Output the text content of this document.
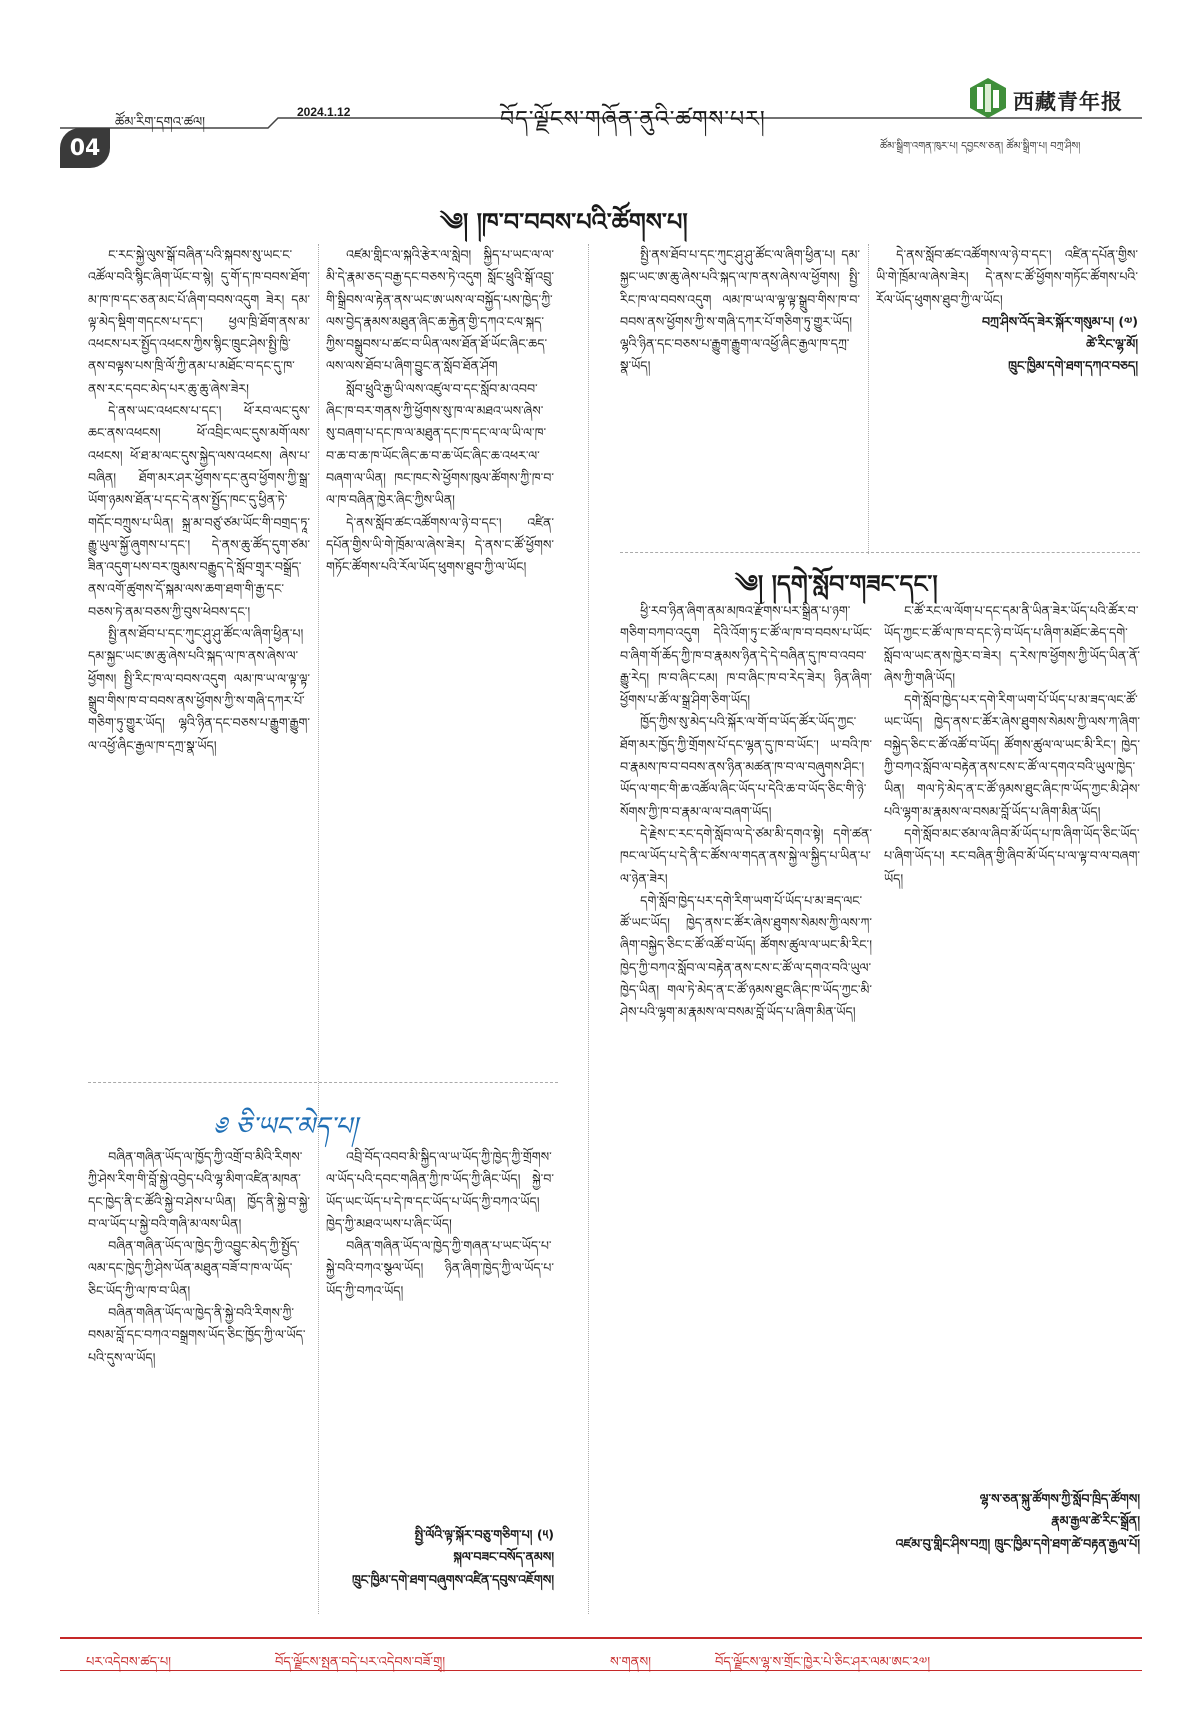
04
ཚོམ་རིག་དགའ་ཚལ།
2024.1.12	བོད་ལྗོངས་གཞོན་ནུའི་ཚགས་པར།
西藏青年报
ཚོམ་སྒྲིག་འགན་ཁུར་པ། དབྱངས་ཅན། ཚོམ་སྒྲིག་པ། བཀྲ་ཤིས།
༄། །ཁ་བ་བབས་པའི་ཚོགས་པ།

ང་རང་སྐྱེ་ལུས་སྒོ་བཞིན་པའི་སྐབས་སུ་ཡང་ང་འཚོལ་བའི་སྙིང་ཞིག་ཡོང་བ་སྙེ། དུ་གོ་ད་ཁ་བབས་ཐོག་མ་ཁ་ཁ་དང་ཅན་མང་པོ་ཞིག་བབས་འདུག ཟེར། དམ་ལྟ་མེད་སྡིག་གདངས་པ་དང་། ཕྱལ་ཁྲི་ཐོག་ནས་མ་འཕངས་པར་སྤྱོད་འཕངས་ཀྱིས་སྙིང་ཁྲུང་ཤེས་སྤྱི་ཁྱི་ནས་བལྟས་པས་ཁྲི་ལོ་ཀྱི་ནམ་པ་མཐོང་བ་དང་དུ་ཁ་ནས་རང་དབང་མེད་པར་ཆུ་ཆུ་ཞེས་ཟེར།

དེ་ནས་ཡང་འཕངས་པ་དང་། ཕོ་རབ་ལང་དུས་ཆང་ནས་འཕངས། ཕོ་འབྲིང་ལང་དུས་མགོ་ལས་འཕངས། ཕོ་ཐ་མ་ལང་དུས་སྐྱེད་ལས་འཕངས། ཞེས་པ་བཞིན། ཐོག་མར་ཤར་ཕྱོགས་དང་ནུབ་ཕྱོགས་ཀྱི་སྒྲ་ཡོག་ཉམས་ཐོན་པ་དང་དེ་ནས་སྤྱོད་ཁང་དུ་ཕྱིན་ཏེ་གདོང་བཀྲུས་པ་ཡིན། སྐྲ་མ་བཙུ་ཙམ་ཡོང་གི་བགྲད་ཏཱ་རྒྱུ་ཡུལ་སྐྱོ་ཞུགས་པ་དང་། དེ་ནས་ཆུ་ཚོད་དུག་ཙམ་ཟིན་འདུག་པས་བར་ཁྲུམས་བརྒྱུད་དེ་སློབ་གྲྭར་བསྒྲོད་ནས་འགོ་ཚུགས་དོ་སྐམ་ལས་ཆག་ཐག་གི་རྒྱ་དང་བཅས་ཏེ་ནམ་བཅས་ཀྱི་བུས་ཕེབས་དང་།

སྤྱི་ནས་ཐོབ་པ་དང་ཀུང་ཤུ་ཤུ་ཚོང་ལ་ཞིག་ཕྱིན་པ། དམ་སྐྱང་ཡང་ཨ་ཆུ་ཞེས་པའི་སྐད་ལ་ཁ་ནས་ཞེས་ལ་ཕྱོགས། སྤྱི་རིང་ཁ་ལ་བབས་འདུག ལམ་ཁ་ཡ་ལ་ལྟ་ལྟ་སྒྲུབ་གིས་ཁ་བ་བབས་ནས་ཕྱོགས་ཀྱི་ས་གཞི་དཀར་པོ་གཅིག་ཏུ་གྱུར་ཡོད། ལྷའི་ཉིན་དང་བཅས་པ་རྒྱུག་རྒྱུག་ལ་འཕྱོ་ཞིང་རྒྱལ་ཁ་དཀྲ་སྣ་ཡོད།

འཛམ་གླིང་ལ་སྐའི་རྩེར་ལ་སླེབ། སྐྱིད་པ་ཡང་ལ་ལ་མི་དེ་རྣམ་ཅད་བརྒྱ་དང་བཅས་ཏེ་འདུག སློང་ཕྲུའི་སྒོ་འབྲུ་གི་སྒྲིབས་ལ་རྟེན་ནས་ཡང་ཨ་ཡས་ལ་བསྐྱོད་པས་ཁྱེད་ཀྱི་ལས་བྱེད་རྣམས་མཐུན་ཞིང་ཆ་རྐྱེན་གྱི་དཀའ་ངལ་སྐད་ཀྱིས་བསྒྲུབས་པ་ཚང་བ་ཡིན་ལས་ཐོན་ཐོ་ཡོང་ཞིང་ཆད་ལས་ལས་ཐོབ་པ་ཞིག་བྱུང་ན་སློབ་ཐོན་ཤོག

སློབ་ཕྲུའི་རྒྱ་ཡི་ལས་འཛུལ་བ་དང་སློབ་མ་འབབ་ཞིང་ཁ་བར་གནས་ཀྱི་ཕྱོགས་སུ་ཁ་ལ་མཐའ་ཡས་ཞེས་སུ་བཞག་པ་དང་ཁ་ལ་མཐུན་དང་ཁ་དང་ལ་ལ་ཡི་ལ་ཁ་བ་ཆ་བ་ཆ་ཁ་ཡོང་ཞིང་ཆ་བ་ཆ་ཡོང་ཞིང་ཆ་འཕར་ལ་བཞག་ལ་ཡིན། ཁང་ཁང་སེ་ཕྱོགས་ཁུལ་ཚོགས་ཀྱི་ཁ་བ་ལ་ཁ་བཞིན་ཁྱེར་ཞིང་ཀྱིས་ཡིན།

དེ་ནས་སློབ་ཚང་འཚོགས་ལ་ཉེ་བ་དང་། འཛིན་དཔོན་གྱིས་ཡི་གེ་ཁྲོམ་ལ་ཞེས་ཟེར། དེ་ནས་ང་ཚོ་ཕྱོགས་གཏོང་ཚོགས་པའི་རོལ་ཡོད་ཕུགས་ཐུབ་ཀྱི་ལ་ཡོང།

དེ་ནས་སློབ་ཚང་འཚོགས་ལ་ཉེ་བ་དང་། འཛིན་དཔོན་གྱིས་ཡི་གེ་ཁྲོམ་ལ་ཞེས་ཟེར། དེ་ནས་ང་ཚོ་ཕྱོགས་གཏོང་ཚོགས་པའི་རོལ་ཡོད་ཕུགས་ཐུབ་ཀྱི་ལ་ཡོང།

བཀྲ་ཤིས་འོད་ཟེར་སྐོར་གསུམ་པ། (༧)

ཚེ་རིང་ལྷ་མོ།

ཁྲུང་ཁྱིམ་དགེ་ཐག་དཀའ་བཅད།

སྤྱི་ནས་ཐོབ་པ་དང་ཀུང་ཤུ་ཤུ་ཚོང་ལ་ཞིག་ཕྱིན་པ། དམ་སྐྱང་ཡང་ཨ་ཆུ་ཞེས་པའི་སྐད་ལ་ཁ་ནས་ཞེས་ལ་ཕྱོགས། སྤྱི་རིང་ཁ་ལ་བབས་འདུག ལམ་ཁ་ཡ་ལ་ལྟ་ལྟ་སྒྲུབ་གིས་ཁ་བ་བབས་ནས་ཕྱོགས་ཀྱི་ས་གཞི་དཀར་པོ་གཅིག་ཏུ་གྱུར་ཡོད། ལྷའི་ཉིན་དང་བཅས་པ་རྒྱུག་རྒྱུག་ལ་འཕྱོ་ཞིང་རྒྱལ་ཁ་དཀྲ་སྣ་ཡོད།

༄། །དགེ་སློབ་གཟང་དང་།

ཕྱི་རབ་ཉིན་ཞིག་ནམ་མཁའ་རྫོགས་པར་སྒྲིན་པ་ཉག་གཅིག་བཀབ་འདུག དེའི་འོག་ཏུ་ང་ཚོ་ལ་ཁ་བ་བབས་པ་ཡོང་བ་ཞིག་གོ་ཆོད་ཀྱི་ཁ་བ་རྣམས་ཉིན་དེ་དེ་བཞིན་དུ་ཁ་བ་འབབ་རྒྱུ་རེད། ཁ་བ་ཞིང་ངམ། ཁ་བ་ཞིང་ཁ་བ་རེད་ཟེར། ཉིན་ཞིག་ཕྱོགས་པ་ཚོ་ལ་སྒྲ་ཤིག་ཅིག་ཡོད།

ཁྱོད་ཀྱིས་སུ་མེད་པའི་སྐོར་ལ་གོ་བ་ཡོད་ཚོར་ཡོད་ཀྱང་ཐོག་མར་ཁྱོད་ཀྱི་གྲོགས་པོ་དང་ལྷན་དུ་ཁ་བ་ཡོང་། ཡ་བའི་ཁ་བ་རྣམས་ཁ་བ་བབས་ནས་ཉིན་མཚན་ཁ་བ་ལ་བཞུགས་ཤིང་། ཡོད་ལ་གང་གི་ཆ་འཚོལ་ཞིང་ཡོད་པ་དེའི་ཆ་བ་ཡོད་ཅིང་གི་ཉེ་སོགས་ཀྱི་ཁ་བ་རྣམ་ལ་ལ་བཞག་ཡོད།

དེ་རྗེས་ང་རང་དགེ་སློབ་ལ་དེ་ཙམ་མི་དགའ་སྟེ། དགེ་ཚན་ཁང་ལ་ཡོད་པ་དེ་ནི་ང་ཚོས་ལ་གདན་ནས་སྐྱེ་ལ་སྐྱིད་པ་ཡིན་པ་ལ་ཉེན་ཟེར།

དགེ་སློབ་ཁྱེད་པར་དགེ་རིག་ཡག་པོ་ཡོད་པ་མ་ཟད་ལང་ཚོ་ཡང་ཡོད། ཁྱེད་ནས་ང་ཚོར་ཞེས་ཐུགས་སེམས་ཀྱི་ལས་ཀ་ཞིག་བསྐྱེད་ཅིང་ང་ཚོ་འཚོ་བ་ཡོད། ཚོགས་ཚུལ་ལ་ཡང་མི་རིང་། ཁྱེད་ཀྱི་བཀའ་སློབ་ལ་བརྟེན་ནས་ངས་ང་ཚོ་ལ་དགའ་བའི་ཡུལ་ཁྱེད་ཡིན། གལ་ཏེ་མེད་ན་ང་ཚོ་ཉམས་ཐུང་ཞིང་ཁ་ཡོད་ཀྱང་མི་ཤེས་པའི་ལྷག་མ་རྣམས་ལ་བསམ་བློ་ཡོད་པ་ཞིག་མིན་ཡོད།

ང་ཚོ་རང་ལ་ལོག་པ་དང་དམ་ནི་ཡིན་ཟེར་ཡོད་པའི་ཚོར་བ་ཡོད་ཀྱང་ང་ཚོ་ལ་ཁ་བ་དང་ཉེ་བ་ཡོད་པ་ཞིག་མཐོང་ཆེད་དགེ་སློབ་ལ་ཡང་ནས་ཁྱེར་བ་ཟེར། ད་རེས་ཁ་ཕྱོགས་ཀྱི་ཡོད་ཡིན་ནོ་ཞེས་ཀྱི་གཞི་ཡོད།

དགེ་སློབ་ཁྱེད་པར་དགེ་རིག་ཡག་པོ་ཡོད་པ་མ་ཟད་ལང་ཚོ་ཡང་ཡོད། ཁྱེད་ནས་ང་ཚོར་ཞེས་ཐུགས་སེམས་ཀྱི་ལས་ཀ་ཞིག་བསྐྱེད་ཅིང་ང་ཚོ་འཚོ་བ་ཡོད། ཚོགས་ཚུལ་ལ་ཡང་མི་རིང་། ཁྱེད་ཀྱི་བཀའ་སློབ་ལ་བརྟེན་ནས་ངས་ང་ཚོ་ལ་དགའ་བའི་ཡུལ་ཁྱེད་ཡིན། གལ་ཏེ་མེད་ན་ང་ཚོ་ཉམས་ཐུང་ཞིང་ཁ་ཡོད་ཀྱང་མི་ཤེས་པའི་ལྷག་མ་རྣམས་ལ་བསམ་བློ་ཡོད་པ་ཞིག་མིན་ཡོད།

དགེ་སློབ་མང་ཙམ་ལ་ཞིབ་མོ་ཡོད་པ་ཁ་ཞིག་ཡོད་ཅིང་ཡོད་པ་ཞིག་ཡོད་པ། རང་བཞིན་གྱི་ཞིབ་མོ་ཡོད་པ་ལ་ལྟ་བ་ལ་བཞག་ཡོད།

ལྷ་ས་ཅན་སྐུ་ཚོགས་ཀྱི་སློབ་ཁྲིད་ཚོགས།

རྣམ་རྒྱལ་ཚེ་རིང་སྒྲོན།

འཛམ་བུ་གླིང་ཤིས་བཀྲ། ཁྲུང་ཁྱིམ་དགེ་ཐག་ཚེ་བརྟན་རྒྱལ་པོ།

༅ ཅི་ཡང་མེད་པ།

བཞིན་གཞིན་ཡོད་ལ་ཁྱོད་ཀྱི་འགྲོ་བ་མིའི་རིགས་ཀྱི་ཤེས་རིག་གི་བློ་སྐྱེ་འབྱེད་པའི་ལྷ་མིག་འཛིན་མཁན་དང་ཁྱེད་ནི་ང་ཚོའི་སྐྱེ་བ་ཤེས་པ་ཡིན། ཁྱོད་ནི་སྐྱེ་བ་སྐྱེ་བ་ལ་ཡོད་པ་སྐྱེ་བའི་གཞི་མ་ལས་ཡིན།

བཞིན་གཞིན་ཡོད་ལ་ཁྱེད་ཀྱི་འབྱུང་མེད་ཀྱི་སྤྱོད་ལམ་དང་ཁྱེད་ཀྱི་ཤེས་ཡོན་མཐུན་བཟོ་བ་ཁ་ལ་ཡོད་ཅིང་ཡོད་ཀྱི་ལ་ཁ་བ་ཡིན།

བཞིན་གཞིན་ཡོད་ལ་ཁྱེད་ནི་སྐྱེ་བའི་རིགས་ཀྱི་བསམ་བློ་དང་བཀའ་བསྒྲགས་ཡོད་ཅིང་ཁྱོད་ཀྱི་ལ་ཡོད་པའི་དུས་ལ་ཡོད།

འབྲི་བོད་འབབ་མི་སྐྱིད་ལ་ཡ་ཡོད་ཀྱི་ཁྱེད་ཀྱི་གྲོགས་ལ་ཡོད་པའི་དབང་གཞིན་ཀྱི་ཁ་ཡོད་ཀྱི་ཞིང་ཡོད། སྐྱེ་བ་ཡོད་ཡང་ཡོད་པ་དེ་ཁ་དང་ཡོད་པ་ཡོད་ཀྱི་བཀའ་ཡོད། ཁྱེད་ཀྱི་མཐའ་ཡས་པ་ཞིང་ཡོད།

བཞིན་གཞིན་ཡོད་ལ་ཁྱེད་ཀྱི་གཞན་པ་ཡང་ཡོད་པ་སྐྱེ་བའི་བཀའ་སྩལ་ཡོད། ཉིན་ཞིག་ཁྱེད་ཀྱི་ལ་ཡོད་པ་ཡོད་ཀྱི་བཀའ་ཡོད།

སྤྱི་ལོའི་ལྟ་སྐོར་བཅུ་གཅིག་པ། (༥)

སྐལ་བཟང་བསོད་ནམས།

ཁྲུང་ཁྱིམ་དགེ་ཐག་བཞུགས་འཛིན་དབུས་འཇོགས།

པར་འདེབས་ཚད་པ།	བོད་ལྗོངས་སྤན་བདེ་པར་འདེབས་བཟོ་གྲྭ།	ས་གནས།	བོད་ལྗོངས་ལྷ་ས་གྲོང་ཁྱེར་པེ་ཅིང་ཤར་ལམ་ཨང་༢༧།
